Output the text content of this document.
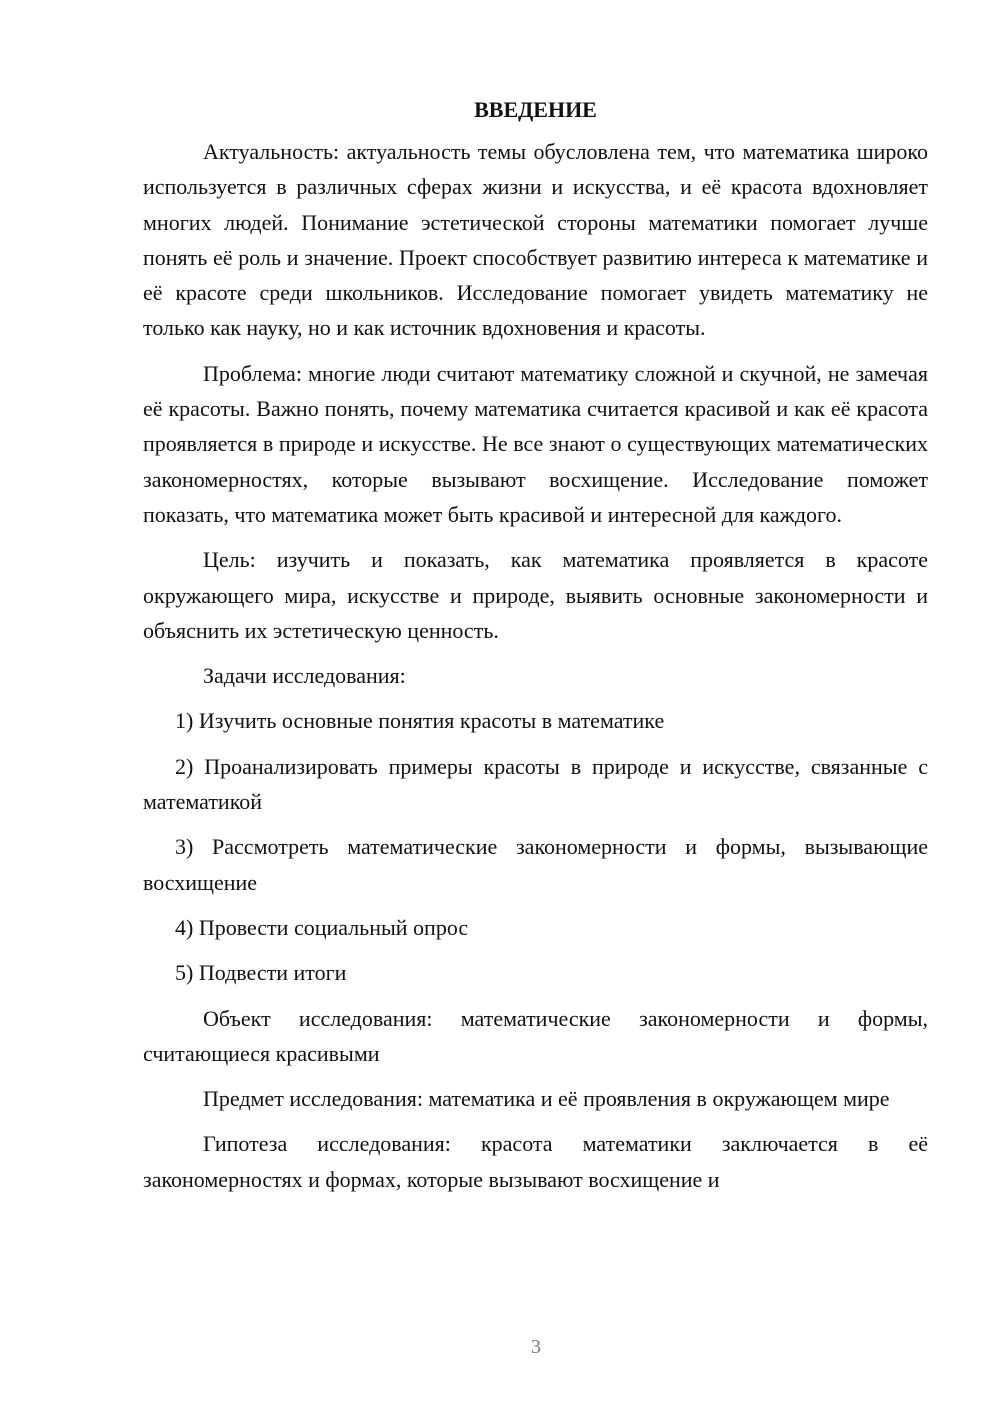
ВВЕДЕНИЕ

Актуальность: актуальность темы обусловлена тем, что математика широко используется в различных сферах жизни и искусства, и её красота вдохновляет многих людей. Понимание эстетической стороны математики помогает лучше понять её роль и значение. Проект способствует развитию интереса к математике и её красоте среди школьников. Исследование помогает увидеть математику не только как науку, но и как источник вдохновения и красоты.

Проблема: многие люди считают математику сложной и скучной, не замечая её красоты. Важно понять, почему математика считается красивой и как её красота проявляется в природе и искусстве. Не все знают о существующих математических закономерностях, которые вызывают восхищение. Исследование поможет показать, что математика может быть красивой и интересной для каждого.

Цель: изучить и показать, как математика проявляется в красоте окружающего мира, искусстве и природе, выявить основные закономерности и объяснить их эстетическую ценность.

Задачи исследования:

1) Изучить основные понятия красоты в математике

2) Проанализировать примеры красоты в природе и искусстве, связанные с математикой

3) Рассмотреть математические закономерности и формы, вызывающие восхищение

4) Провести социальный опрос

5) Подвести итоги

Объект исследования: математические закономерности и формы, считающиеся красивыми

Предмет исследования: математика и её проявления в окружающем мире

Гипотеза исследования: красота математики заключается в её закономерностях и формах, которые вызывают восхищение и

3
